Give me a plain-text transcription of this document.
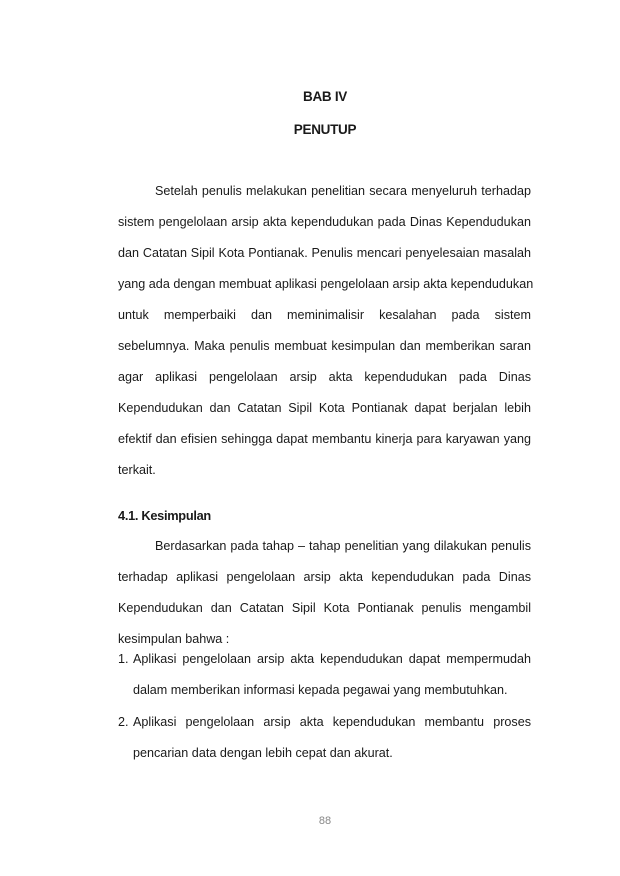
BAB IV
PENUTUP
Setelah penulis melakukan penelitian secara menyeluruh terhadap
sistem pengelolaan arsip akta kependudukan pada Dinas Kependudukan
dan Catatan Sipil Kota Pontianak. Penulis mencari penyelesaian masalah
yang ada dengan membuat aplikasi pengelolaan arsip akta kependudukan
untuk memperbaiki dan meminimalisir kesalahan pada sistem
sebelumnya. Maka penulis membuat kesimpulan dan memberikan saran
agar aplikasi pengelolaan arsip akta kependudukan pada Dinas
Kependudukan dan Catatan Sipil Kota Pontianak dapat berjalan lebih
efektif dan efisien sehingga dapat membantu kinerja para karyawan yang
terkait.
4.1. Kesimpulan
Berdasarkan pada tahap – tahap penelitian yang dilakukan penulis
terhadap aplikasi pengelolaan arsip akta kependudukan pada Dinas
Kependudukan dan Catatan Sipil Kota Pontianak penulis mengambil
kesimpulan bahwa :
1. Aplikasi pengelolaan arsip akta kependudukan dapat mempermudah
dalam memberikan informasi kepada pegawai yang membutuhkan.
2. Aplikasi pengelolaan arsip akta kependudukan membantu proses
pencarian data dengan lebih cepat dan akurat.
88
